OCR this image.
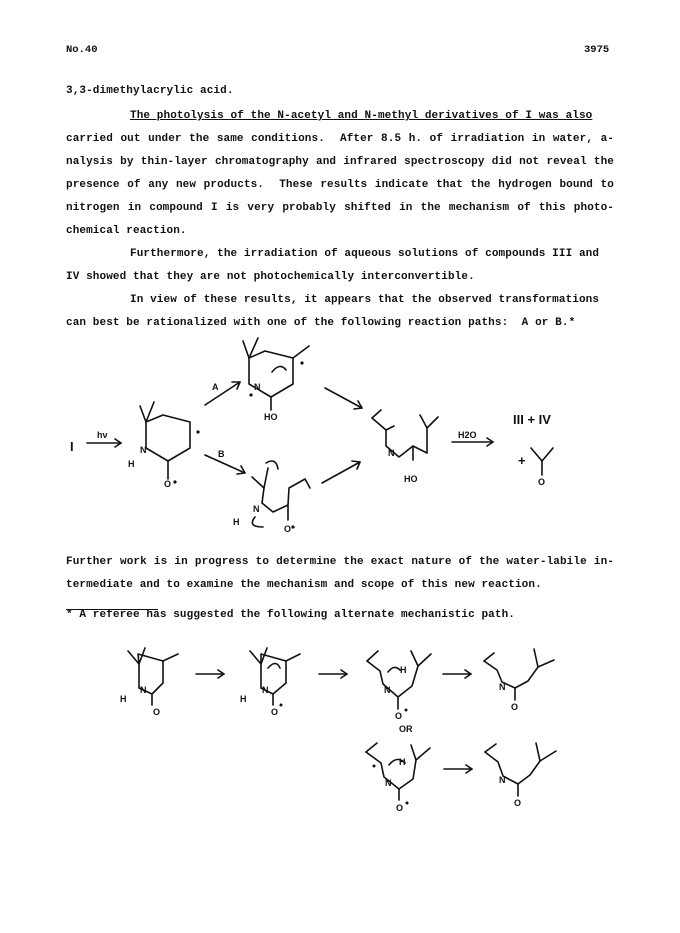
No.40	3975
3,3-dimethylacrylic acid.
The photolysis of the N-acetyl and N-methyl derivatives of I was also
carried out under the same conditions.  After 8.5 h. of irradiation in water, a-
nalysis by thin-layer chromatography and infrared spectroscopy did not reveal the
presence of any new products.  These results indicate that the hydrogen bound to
nitrogen in compound I is very probably shifted in the mechanism of this photo-
chemical reaction.
Furthermore, the irradiation of aqueous solutions of compounds III and
IV showed that they are not photochemically interconvertible.
In view of these results, it appears that the observed transformations
can best be rationalized with one of the following reaction paths:  A or B.*
I
hν
N
H
O
A	N
HO
B
N
H
O
N
HO
H2O
III + IV
+
O
Further work is in progress to determine the exact nature of the water-labile in-
termediate and to examine the mechanism and scope of this new reaction.
* A referee has suggested the following alternate mechanistic path.
N
H
O
N
H
O
N
H
O
N
O
OR
N
H
O
N
O
